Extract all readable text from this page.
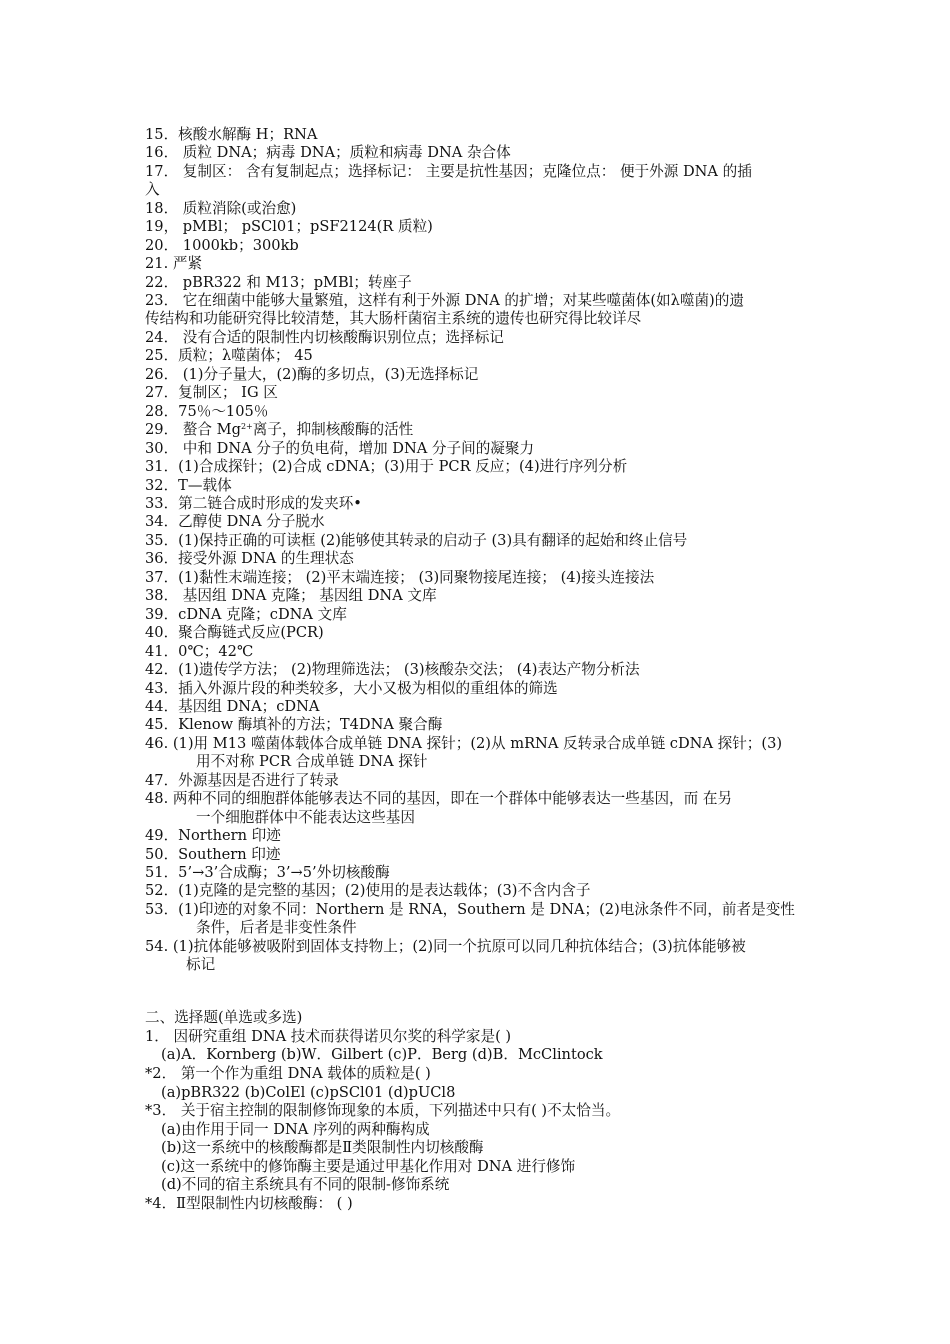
15．核酸水解酶 H；RNA
16． 质粒 DNA；病毒 DNA；质粒和病毒 DNA 杂合体
17． 复制区： 含有复制起点；选择标记： 主要是抗性基因；克隆位点： 便于外源 DNA 的插
入
18． 质粒消除(或治愈)
19， pMBl； pSCl01；pSF2124(R 质粒)
20． 1000kb；300kb
21. 严紧
22． pBR322 和 M13；pMBl；转座子
23． 它在细菌中能够大量繁殖，这样有利于外源 DNA 的扩增；对某些噬菌体(如λ噬菌)的遗
传结构和功能研究得比较清楚，其大肠杆菌宿主系统的遗传也研究得比较详尽
24． 没有合适的限制性内切核酸酶识别位点；选择标记
25．质粒；λ噬菌体； 45
26． (1)分子量大，(2)酶的多切点，(3)无选择标记
27．复制区； IG 区
28．75％～105％
29． 螯合 $Mg^{2+}$离子，抑制核酸酶的活性
30． 中和 DNA 分子的负电荷，增加 DNA 分子间的凝聚力
31．(1)合成探针；(2)合成 cDNA；(3)用于 PCR 反应；(4)进行序列分析
32．T—载体
33．第二链合成时形成的发夹环•
34．乙醇使 DNA 分子脱水
35．(1)保持正确的可读框 (2)能够使其转录的启动子 (3)具有翻译的起始和终止信号
36．接受外源 DNA 的生理状态
37．(1)黏性末端连接； (2)平末端连接； (3)同聚物接尾连接； (4)接头连接法
38． 基因组 DNA 克隆； 基因组 DNA 文库
39．cDNA 克隆；cDNA 文库
40．聚合酶链式反应(PCR)
41．0℃；42℃
42．(1)遗传学方法； (2)物理筛选法； (3)核酸杂交法； (4)表达产物分析法
43．插入外源片段的种类较多，大小又极为相似的重组体的筛选
44．基因组 DNA；cDNA
45．Klenow 酶填补的方法；T4DNA 聚合酶
46. (1)用 M13 噬菌体载体合成单链 DNA 探针；(2)从 mRNA 反转录合成单链 cDNA 探针；(3)
用不对称 PCR 合成单链 DNA 探针
47．外源基因是否进行了转录
48. 两种不同的细胞群体能够表达不同的基因，即在一个群体中能够表达一些基因，而 在另
一个细胞群体中不能表达这些基因
49．Northern 印迹
50．Southern 印迹
51．5’→3’合成酶；3’→5’外切核酸酶
52．(1)克隆的是完整的基因；(2)使用的是表达载体；(3)不含内含子
53．(1)印迹的对象不同：Northern 是 RNA，Southern 是 DNA；(2)电泳条件不同，前者是变性
条件，后者是非变性条件
54. (1)抗体能够被吸附到固体支持物上；(2)同一个抗原可以同几种抗体结合；(3)抗体能够被
标记
二、选择题(单选或多选)
1． 因研究重组 DNA 技术而获得诺贝尔奖的科学家是( )
(a)A．Kornberg (b)W．Gilbert (c)P．Berg (d)B．McClintock
*2． 第一个作为重组 DNA 载体的质粒是( )
(a)pBR322 (b)ColEl (c)pSCl01 (d)pUCl8
*3． 关于宿主控制的限制修饰现象的本质，下列描述中只有( )不太恰当。
(a)由作用于同一 DNA 序列的两种酶构成
(b)这一系统中的核酸酶都是Ⅱ类限制性内切核酸酶
(c)这一系统中的修饰酶主要是通过甲基化作用对 DNA 进行修饰
(d)不同的宿主系统具有不同的限制-修饰系统
*4．Ⅱ型限制性内切核酸酶： ( )
